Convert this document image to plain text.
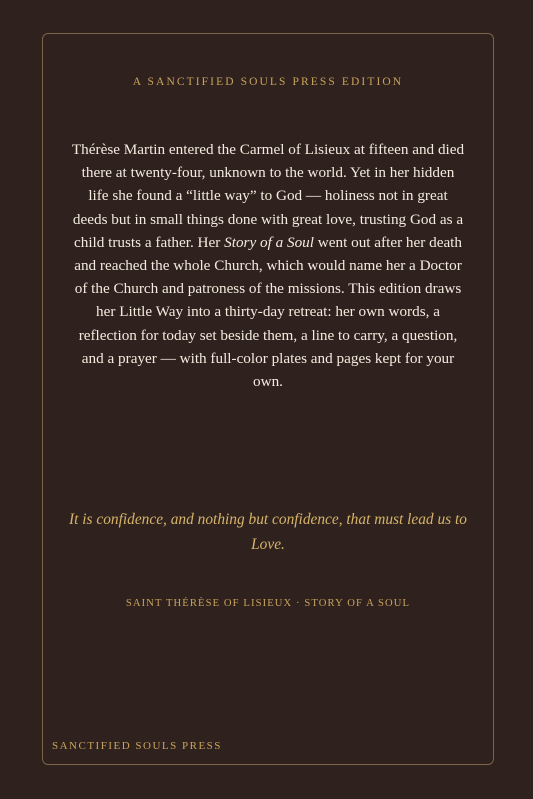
A SANCTIFIED SOULS PRESS EDITION

Thérèse Martin entered the Carmel of Lisieux at fifteen and died there at twenty-four, unknown to the world. Yet in her hidden life she found a “little way” to God — holiness not in great deeds but in small things done with great love, trusting God as a child trusts a father. Her Story of a Soul went out after her death and reached the whole Church, which would name her a Doctor of the Church and patroness of the missions. This edition draws her Little Way into a thirty-day retreat: her own words, a reflection for today set beside them, a line to carry, a question, and a prayer — with full-color plates and pages kept for your own.

It is confidence, and nothing but confidence, that must lead us to Love.

SAINT THÉRÈSE OF LISIEUX · STORY OF A SOUL
SANCTIFIED SOULS PRESS
